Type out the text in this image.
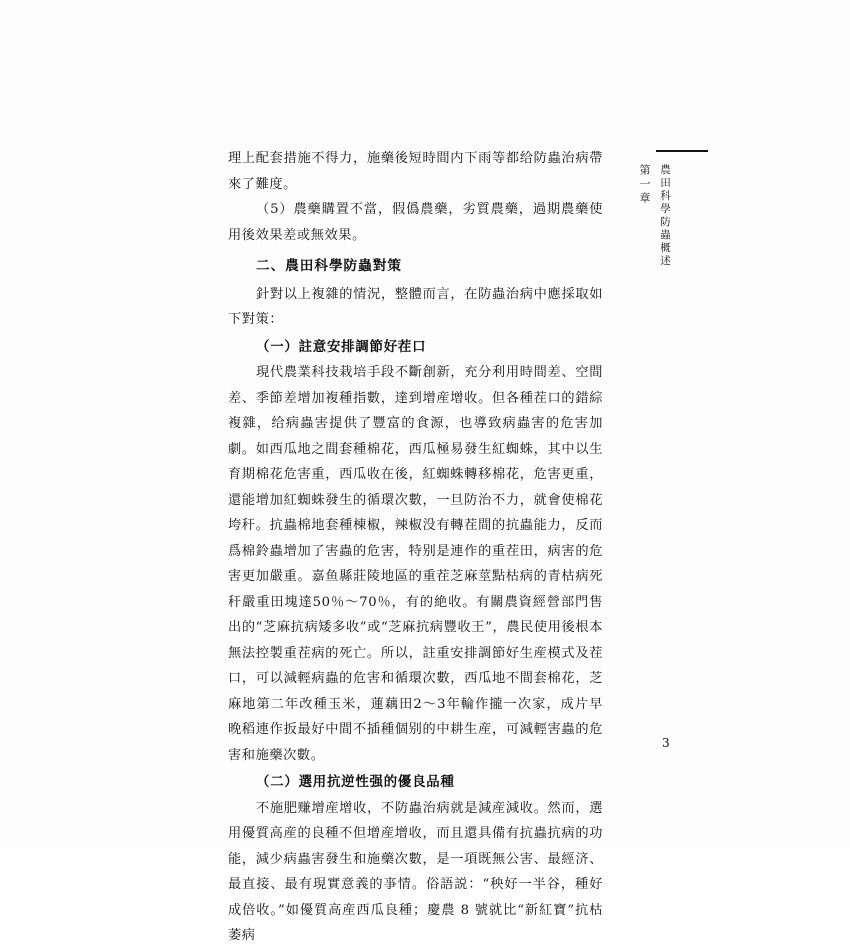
理上配套措施不得力，施藥後短時間内下雨等都给防蟲治病帶來了難度。

（5）農藥購置不當，假僞農藥，劣質農藥，過期農藥使用後效果差或無效果。

二、農田科學防蟲對策

針對以上複雜的情況，整體而言，在防蟲治病中應採取如下對策：

（一）註意安排調節好茬口

現代農業科技栽培手段不斷創新，充分利用時間差、空間差、季節差增加複種指數，達到增産增收。但各種茬口的錯綜複雜，给病蟲害提供了豐富的食源，也導致病蟲害的危害加劇。如西瓜地之間套種棉花，西瓜極易發生紅蜘蛛，其中以生育期棉花危害重，西瓜收在後，紅蜘蛛轉移棉花，危害更重，還能增加紅蜘蛛發生的循環次數，一旦防治不力，就會使棉花垮秆。抗蟲棉地套種棟椒，辣椒没有轉茬間的抗蟲能力，反而爲棉鈴蟲增加了害蟲的危害，特别是連作的重茬田，病害的危害更加嚴重。嘉鱼縣莊陵地區的重茬芝麻莖點枯病的青枯病死秆嚴重田塊達50％～70％，有的絶收。有關農資經營部門售出的“芝麻抗病矮多收”或“芝麻抗病豐收王”，農民使用後根本無法控製重茬病的死亡。所以，註重安排調節好生産模式及茬口，可以減輕病蟲的危害和循環次數，西瓜地不間套棉花，芝麻地第二年改種玉米，蓮藕田2～3年輪作攏一次家，成片早晚稻連作扳最好中間不插種個别的中耕生産，可減輕害蟲的危害和施藥次數。

（二）選用抗逆性强的優良品種

不施肥赚增産增收，不防蟲治病就是減産減收。然而，選用優質高産的良種不但增産增收，而且還具備有抗蟲抗病的功能，減少病蟲害發生和施藥次數，是一項既無公害、最經济、最直接、最有現實意義的亊情。俗語説：“秧好一半谷，種好成倍收。”如優質高産西瓜良種；慶農 8 號就比“新紅寶”抗枯萎病

第一章 農田科學防蟲概述
3
